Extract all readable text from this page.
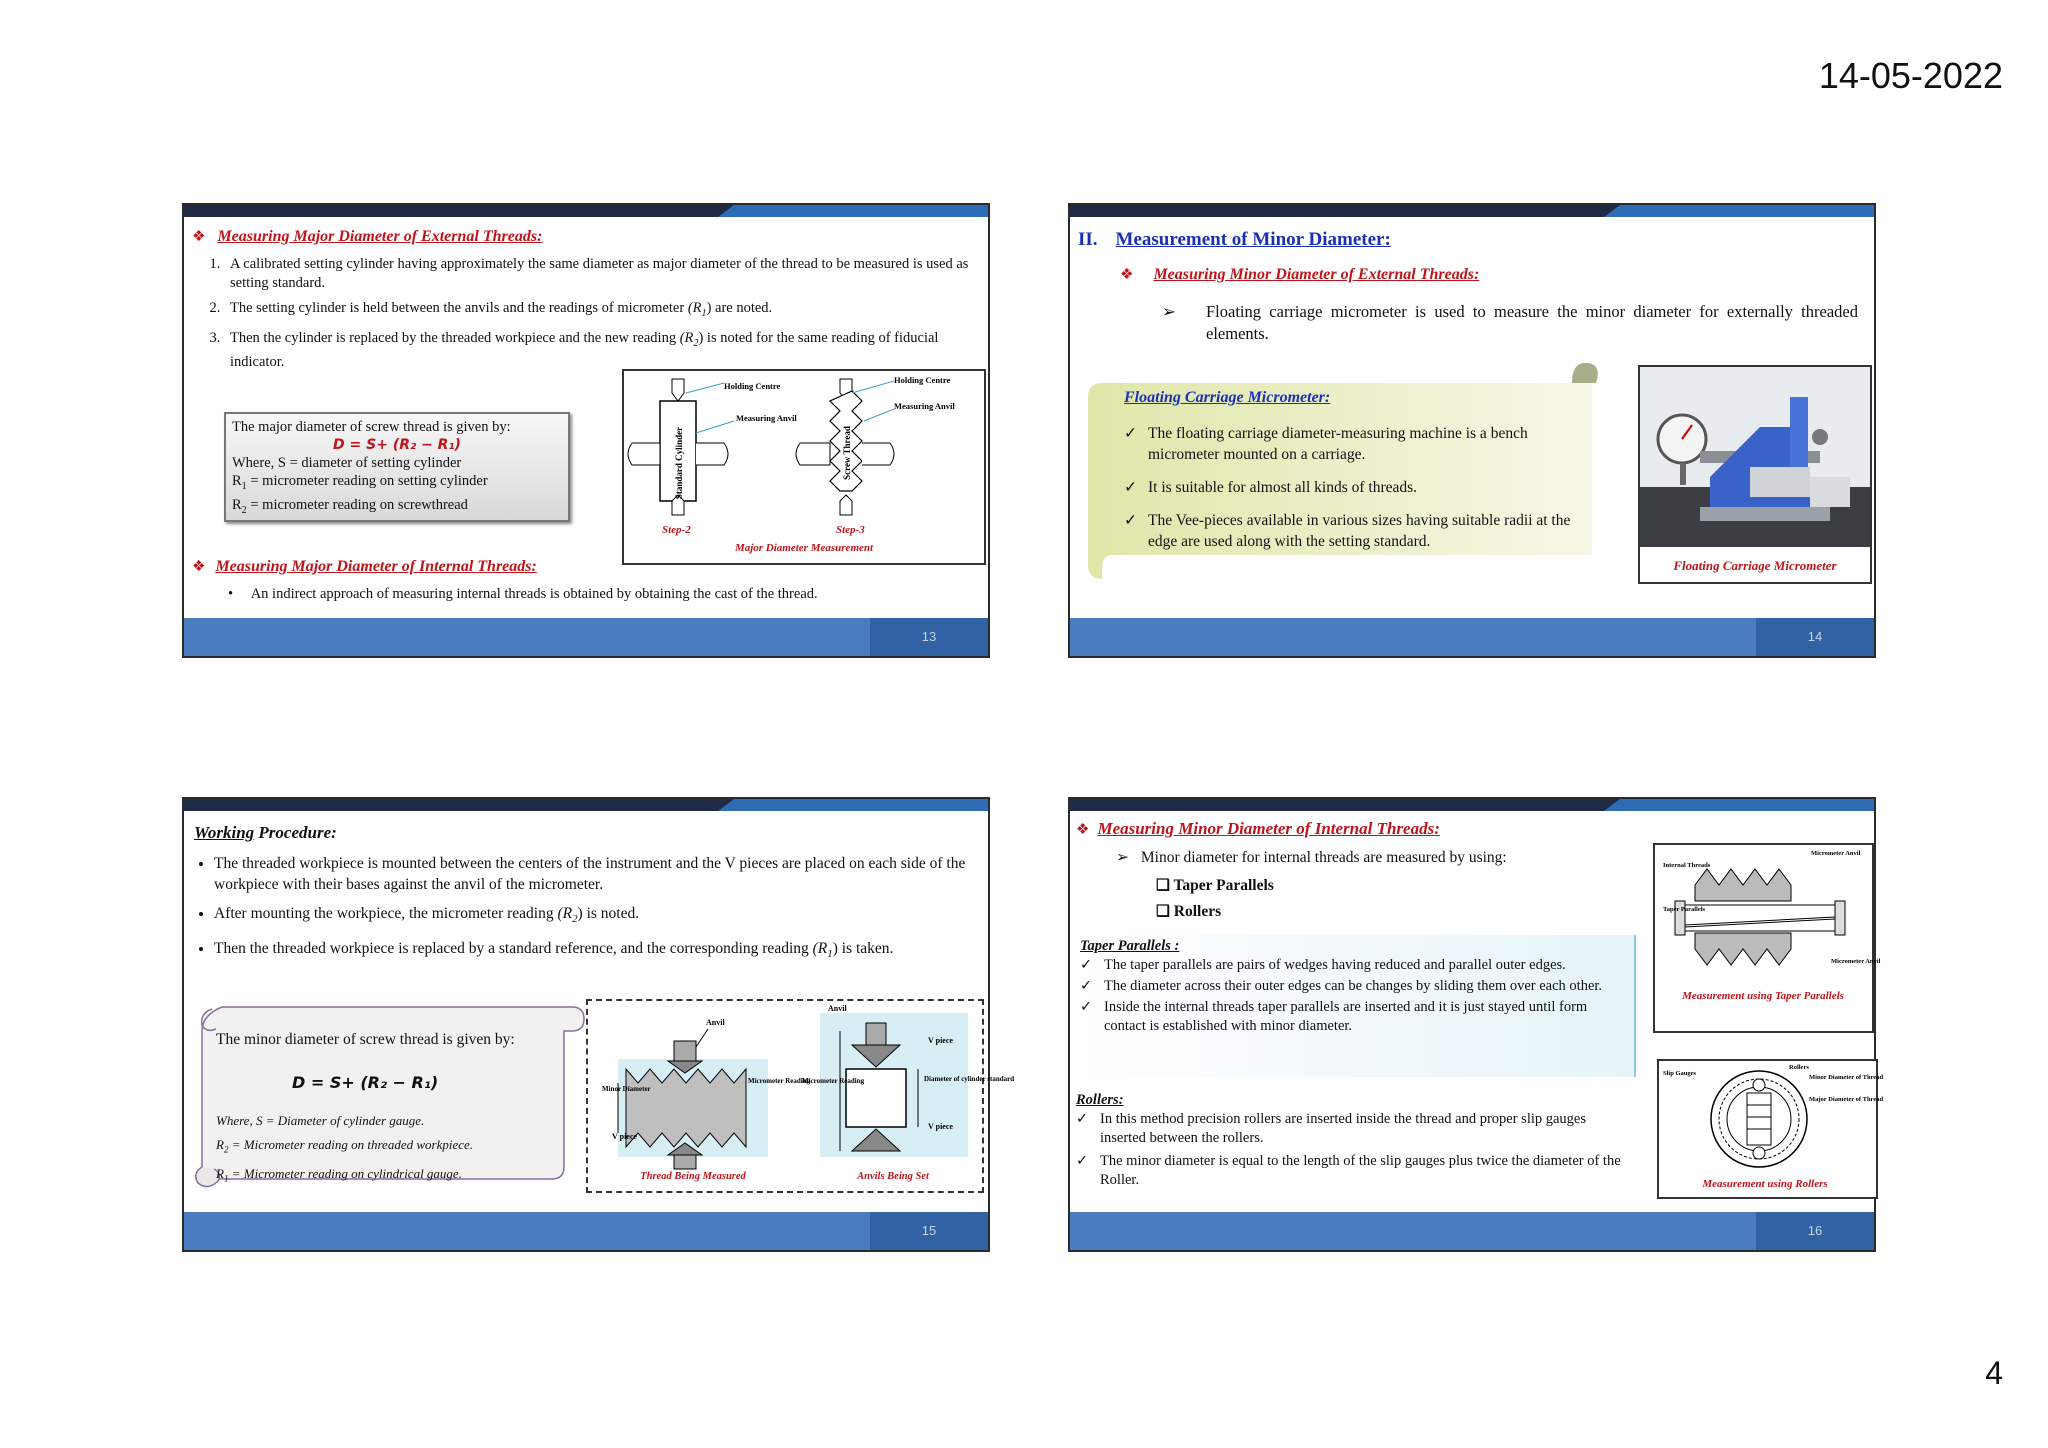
14-05-2022
4
❖ Measuring Major Diameter of External Threads:
1. A calibrated setting cylinder having approximately the same diameter as major diameter of the thread to be measured is used as setting standard.
2. The setting cylinder is held between the anvils and the readings of micrometer $(R_1)$ are noted.
3. Then the cylinder is replaced by the threaded workpiece and the new reading $(R_2)$ is noted for the same reading of fiducial indicator.
The major diameter of screw thread is given by:
D = S+ (R₂ − R₁)
Where, S = diameter of setting cylinder
$R_1$ = micrometer reading on setting cylinder
$R_2$ = micrometer reading on screwthread
Standard Cylinder	Screw Thread
Holding Centre
Measuring Anvil
Holding Centre
Measuring Anvil
Step-2	Step-3
Major Diameter Measurement
❖ Measuring Major Diameter of Internal Threads:
• An indirect approach of measuring internal threads is obtained by obtaining the cast of the thread.
13
II. Measurement of Minor Diameter:
❖ Measuring Minor Diameter of External Threads:
➢	Floating carriage micrometer is used to measure the minor diameter for externally threaded elements.
Floating Carriage Micrometer:
✓ The floating carriage diameter-measuring machine is a bench micrometer mounted on a carriage.
✓ It is suitable for almost all kinds of threads.
✓ The Vee-pieces available in various sizes having suitable radii at the edge are used along with the setting standard.
Floating Carriage Micrometer
14
Working Procedure:
• The threaded workpiece is mounted between the centers of the instrument and the V pieces are placed on each side of the workpiece with their bases against the anvil of the micrometer.
• After mounting the workpiece, the micrometer reading $(R_2)$ is noted.
• Then the threaded workpiece is replaced by a standard reference, and the corresponding reading $(R_1)$ is taken.
The minor diameter of screw thread is given by:
D = S+ (R₂ − R₁)
Where, S = Diameter of cylinder gauge.
$R_2$ = Micrometer reading on threaded workpiece.
$R_1$ = Micrometer reading on cylindrical gauge.
Minor Diameter
Anvil
V piece
Micrometer Reading
Anvil
V piece
V piece
Micrometer Reading	Diameter of cylinder standard
Thread Being Measured	Anvils Being Set
15
❖ Measuring Minor Diameter of Internal Threads:
➢ Minor diameter for internal threads are measured by using:
❑ Taper Parallels
❑ Rollers
Taper Parallels :
✓ The taper parallels are pairs of wedges having reduced and parallel outer edges.
✓ The diameter across their outer edges can be changes by sliding them over each other.
✓ Inside the internal threads taper parallels are inserted and it is just stayed until form contact is established with minor diameter.
Rollers:
✓ In this method precision rollers are inserted inside the thread and proper slip gauges inserted between the rollers.
✓ The minor diameter is equal to the length of the slip gauges plus twice the diameter of the Roller.
Internal Threads
Taper Parallels
Micrometer Anvil
Micrometer Anvil
Measurement using Taper Parallels
Slip Gauges
Rollers
Minor Diameter of Thread
Major Diameter of Thread
Measurement using Rollers
16
